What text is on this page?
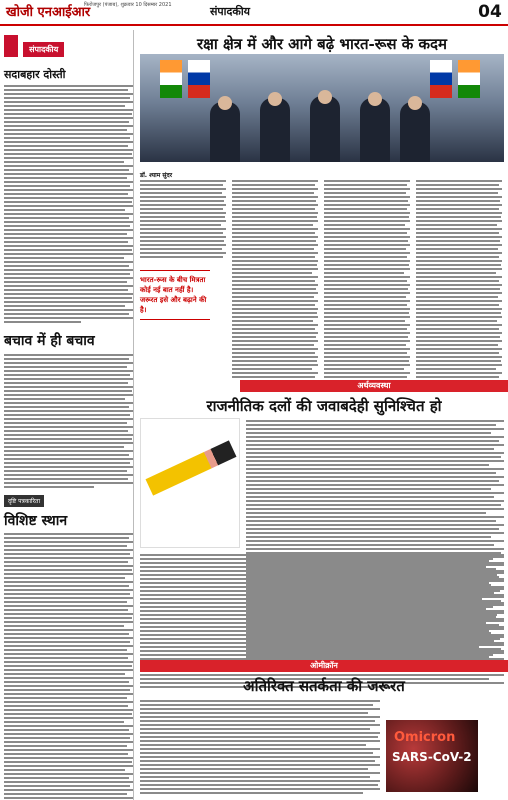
खोजी एनआईआर
फिरोजपुर (पंजाब), शुक्रवार 10 दिसम्बर 2021	संपादकीय	04
संपादकीय
सदाबहार दोस्ती
बचाव में ही बचाव
दृष्टि पत्रकारिता
विशिष्ट स्थान
रक्षा क्षेत्र में और आगे बढ़े भारत-रूस के कदम
डॉ. श्याम सुंदर
भारत-रूस के बीच मित्रता कोई नई बात नहीं है। जरूरत इसे और बढ़ाने की है।
अर्थव्यवस्था
राजनीतिक दलों की जवाबदेही सुनिश्चित हो
ओमीक्रॉन
अतिरिक्त सतर्कता की जरूरत
Omicron
SARS-CoV-2
